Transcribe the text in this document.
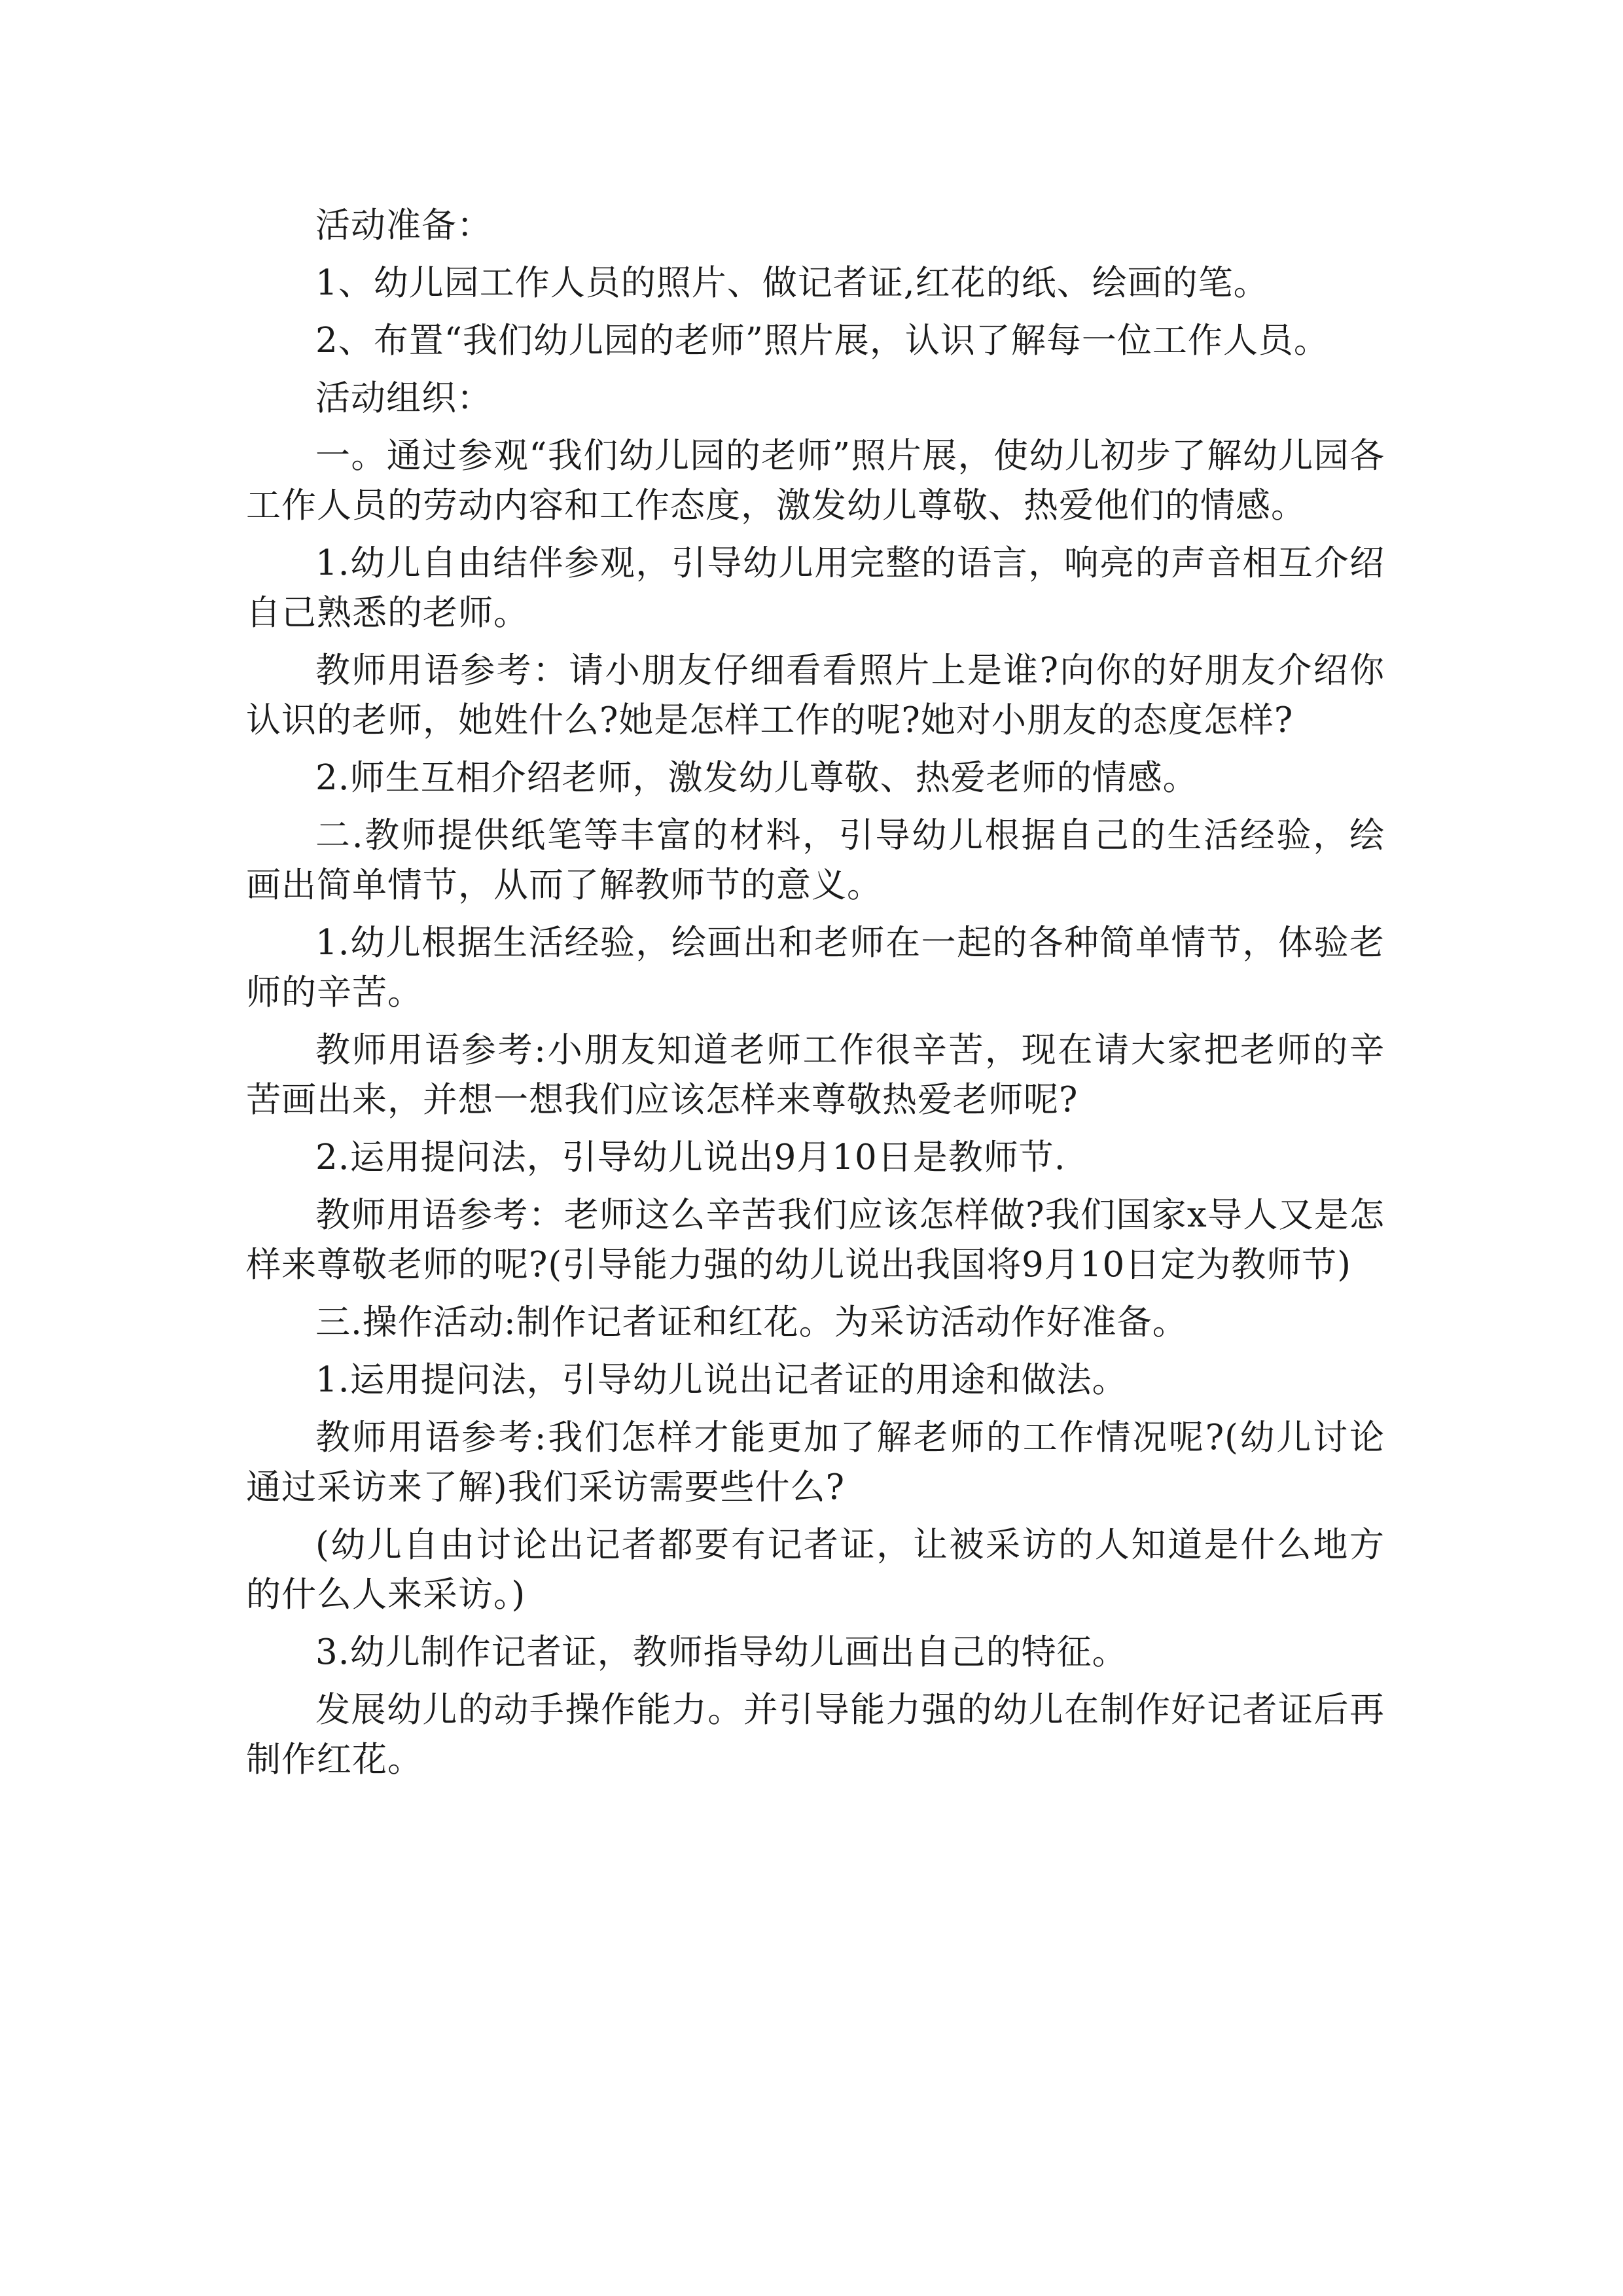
活动准备：

1、幼儿园工作人员的照片、做记者证,红花的纸、绘画的笔。

2、布置“我们幼儿园的老师”照片展，认识了解每一位工作人员。

活动组织：

一。通过参观“我们幼儿园的老师”照片展，使幼儿初步了解幼儿园各工作人员的劳动内容和工作态度，激发幼儿尊敬、热爱他们的情感。

1.幼儿自由结伴参观，引导幼儿用完整的语言，响亮的声音相互介绍自己熟悉的老师。

教师用语参考：请小朋友仔细看看照片上是谁?向你的好朋友介绍你认识的老师，她姓什么?她是怎样工作的呢?她对小朋友的态度怎样?

2.师生互相介绍老师，激发幼儿尊敬、热爱老师的情感。

二.教师提供纸笔等丰富的材料，引导幼儿根据自己的生活经验，绘画出简单情节，从而了解教师节的意义。

1.幼儿根据生活经验，绘画出和老师在一起的各种简单情节，体验老师的辛苦。

教师用语参考:小朋友知道老师工作很辛苦，现在请大家把老师的辛苦画出来，并想一想我们应该怎样来尊敬热爱老师呢?

2.运用提问法，引导幼儿说出9月10日是教师节.

教师用语参考：老师这么辛苦我们应该怎样做?我们国家x导人又是怎样来尊敬老师的呢?(引导能力强的幼儿说出我国将9月10日定为教师节)

三.操作活动:制作记者证和红花。为采访活动作好准备。

1.运用提问法，引导幼儿说出记者证的用途和做法。

教师用语参考:我们怎样才能更加了解老师的工作情况呢?(幼儿讨论通过采访来了解)我们采访需要些什么?

(幼儿自由讨论出记者都要有记者证，让被采访的人知道是什么地方的什么人来采访。)

3.幼儿制作记者证，教师指导幼儿画出自己的特征。

发展幼儿的动手操作能力。并引导能力强的幼儿在制作好记者证后再制作红花。
